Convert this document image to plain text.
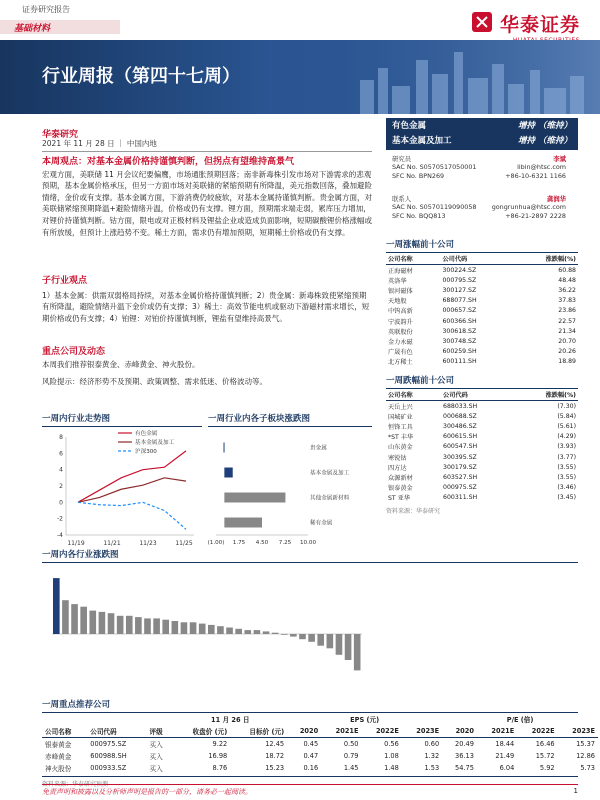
证券研究报告
基础材料	华泰证券
行业周报（第四十七周）
华泰研究
2021 年 11 月 28 日 ｜ 中国内地
本周观点：对基本金属价格持谨慎判断，但拐点有望维持高景气
宏观方面，美联储 11 月会议纪要偏鹰，市场通胀预期回落；南非新毒株引发市场对下游需求的悲观预期，基本金属价格承压，但另一方面市场对美联储的紧缩预期有所降温，美元指数回落，叠加避险情绪，金价或有支撑。基本金属方面，下游消费仍较疲软，对基本金属持谨慎判断。贵金属方面，对美联储紧缩预期降温+避险情绪升温，价格或仍有支撑。锂方面，预期需求端走弱，累库压力增加，对锂价持谨慎判断。钴方面，限电或对正极材料及锂盐企业或造成负面影响，短期碳酸锂价格涨幅或有所放缓，但预计上涨趋势不变。稀土方面，需求仍有增加预期，短期稀土价格或仍有支撑。
子行业观点
1）基本金属：供需双弱格局持续，对基本金属价格持谨慎判断；2）贵金属：新毒株致使紧缩预期有所降温，避险情绪升温下金价或仍有支撑；3）稀土：高效节能电机或驱动下游磁材需求增长，短期价格或仍有支撑；4）铂锂：对铂价持谨慎判断，锂盐有望维持高景气。
重点公司及动态
本周我们推荐银泰黄金、赤峰黄金、神火股份。
风险提示：经济形势不及预期、政策调整、需求低迷、价格波动等。
有色金属	增持 （维持）
基本金属及加工	增持 （维持）
研究员	李斌
SAC No. S0570517050001	libin@htsc.com
SFC No. BPN269	+86-10-6321 1166
联系人	龚润华
SAC No. S0570119090058 gongrunhua@htsc.com
SFC No. BQQ813	+86-21-2897 2228
一周涨幅前十公司
公司名称	公司代码	涨跌幅(%)
正海磁材	300224.SZ	60.88
英洛华	000795.SZ	48.48
银河磁体	300127.SZ	36.22
天地股	688077.SH	37.83
中钨高新	000657.SZ	23.86
宁波韵升	600366.SH	22.57
英联股份	300618.SZ	21.34
金力永磁	300748.SZ	20.70
广晟有色	600259.SH	20.26
北方稀土	600111.SH	18.89
一周跌幅前十公司
公司名称	公司代码	涨跌幅(%)
天岳上兴	688033.SH	(7.30)
国城矿业	000688.SZ	(5.84)
恒锋工具	300486.SZ	(5.61)
*ST 丰华	600615.SH	(4.29)
山东黄金	600547.SH	(3.93)
寒锐钴	300395.SZ	(3.77)
四方达	300179.SZ	(3.55)
众源新材	603527.SH	(3.55)
银泰黄金	000975.SZ	(3.46)
ST 亚华	600311.SH	(3.45)
资料来源：华泰研究
一周内行业走势图
-4
-2
0
2
4
6
8
11/19	11/21	11/23	11/25
有色金属
基本金属及加工
沪深300
一周行业内各子板块涨跌图
(1.00) 1.75 4.50 7.25 10.00
贵金属
基本金属及加工
其他金属新材料
稀有金属
一周内各行业涨跌图
一周重点推荐公司
			11 月 26 日		EPS (元)				P/E (倍)			
公司名称	公司代码	评级	收盘价 (元)	目标价 (元)	2020	2021E	2022E	2023E	2020	2021E	2022E	2023E
银泰黄金	000975.SZ	买入	9.22	12.45	0.45	0.50	0.56	0.60	20.49	18.44	16.46	15.37
赤峰黄金	600988.SH	买入	16.98	18.72	0.47	0.79	1.08	1.32	36.13	21.49	15.72	12.86
神火股份	000933.SZ	买入	8.76	15.23	0.16	1.45	1.48	1.53	54.75	6.04	5.92	5.73
资料来源：华泰研究预测
免责声明和披露以及分析师声明是报告的一部分，请务必一起阅读。	1
